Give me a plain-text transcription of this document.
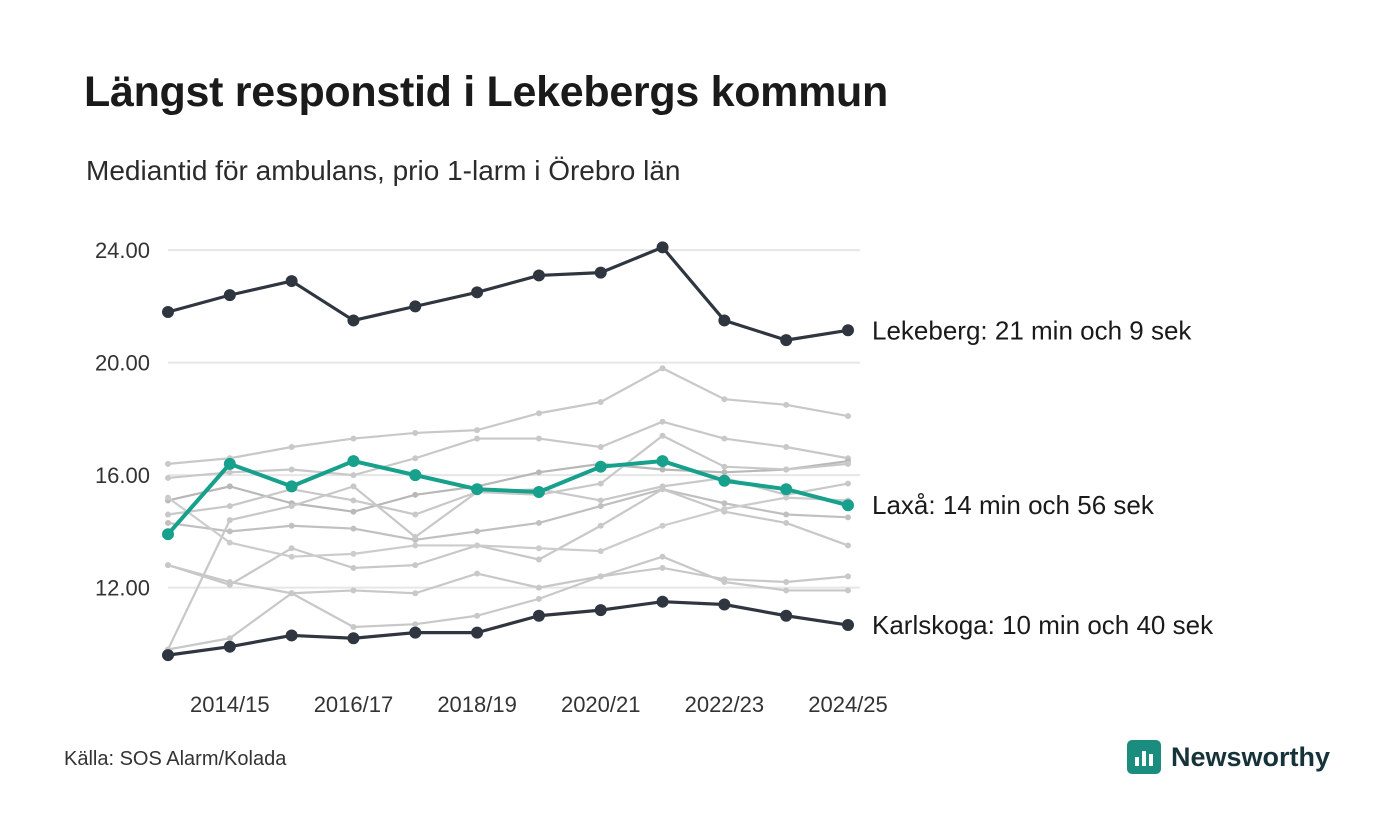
Längst responstid i Lekebergs kommun
Mediantid för ambulans, prio 1-larm i Örebro län
12.00
16.00
20.00
24.00
2014/15 2016/17 2018/19 2020/21 2022/23 2024/25
Lekeberg: 21 min och 9 sek
Laxå: 14 min och 56 sek
Karlskoga: 10 min och 40 sek
Källa: SOS Alarm/Kolada	Newsworthy
